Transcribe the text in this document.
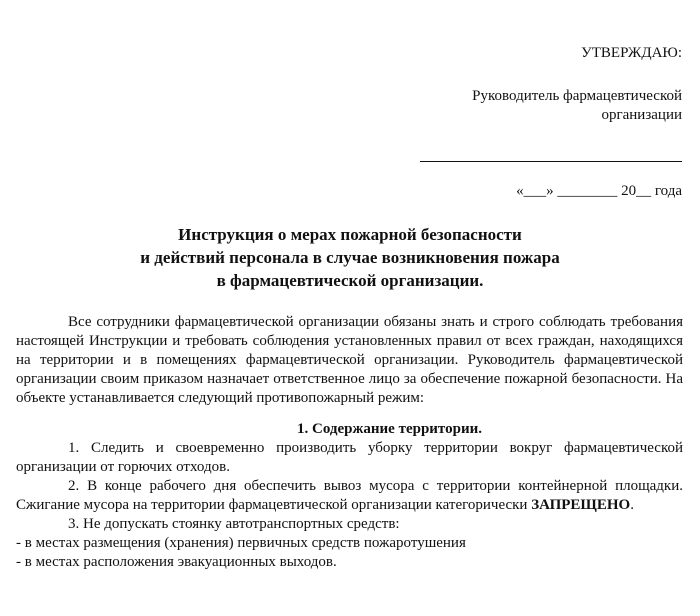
УТВЕРЖДАЮ:

Руководитель фармацевтической

организации

«___» ________ 20__ года
Инструкция о мерах пожарной безопасности
и действий персонала в случае возникновения пожара
в фармацевтической организации.

Все сотрудники фармацевтической организации обязаны знать и строго соблюдать требования настоящей Инструкции и требовать соблюдения установленных правил от всех граждан, находящихся на территории и в помещениях фармацевтической организации. Руководитель фармацевтической организации своим приказом назначает ответственное лицо за обеспечение пожарной безопасности. На объекте устанавливается следующий противопожарный режим:

1. Содержание территории.

1. Следить и своевременно производить уборку территории вокруг фармацевтической организации от горючих отходов.

2. В конце рабочего дня обеспечить вывоз мусора с территории контейнерной площадки. Сжигание мусора на территории фармацевтической организации категорически ЗАПРЕЩЕНО.

3. Не допускать стоянку автотранспортных средств:

- в местах размещения (хранения) первичных средств пожаротушения

- в местах расположения эвакуационных выходов.
